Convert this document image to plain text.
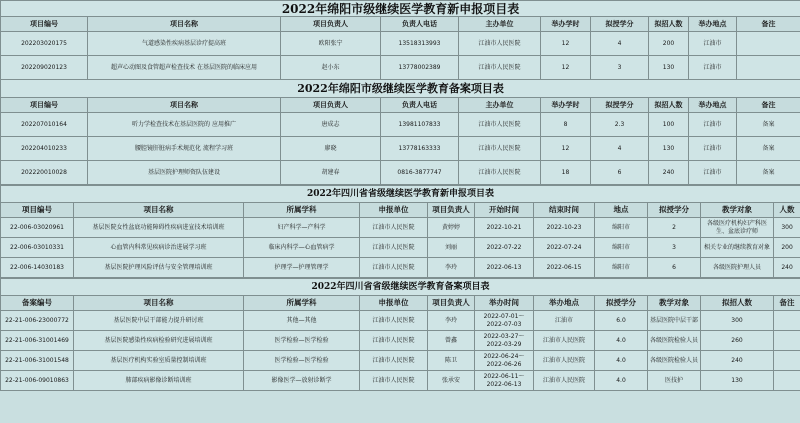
2022年绵阳市级继续医学教育新申报项目表									
项目编号	项目名称	项目负责人	负责人电话	主办单位	举办学时	拟授学分	拟招人数	举办地点	备注
202203020175	气道感染性疾病基层诊疗提高班	欧阳张宁	13518313993	江油市人民医院	12	4	200	江油市	
202209020123	超声心动图及食管超声检查技术 在基层医院的临床应用	赵小东	13778002389	江油市人民医院	12	3	130	江油市	
2022年绵阳市级继续医学教育备案项目表									
项目编号	项目名称	项目负责人	负责人电话	主办单位	举办学时	拟授学分	拟招人数	举办地点	备注
202207010164	听力学检查技术在基层医院的 应用推广	唐成志	13981107833	江油市人民医院	8	2.3	100	江油市	备案
202204010233	腰腔镜肝脏病手术规范化 流程学习班	廖晓	13778163333	江油市人民医院	12	4	130	江油市	备案
202220010028	基层医院护理师资队伍建设	胡建春	0816-3877747	江油市人民医院	18	6	240	江油市	备案
2022年四川省省级继续医学教育新申报项目表										
项目编号	项目名称	所属学科	申报单位	项目负责人	开始时间	结束时间	地点	拟授学分	教学对象	人数
22-006-03020961	基层医院女性盆底功能障碍性疾病进宣技术培训班	妇产科学—产科学	江油市人民医院	黄婷婷	2022-10-21	2022-10-23	绵阳市	2	各级医疗机构妇产科医生、盆底诊疗师	300
22-006-03010331	心血管内科常见疾病诊治进展学习班	临床内科学—心血管病学	江油市人民医院	刘丽	2022-07-22	2022-07-24	绵阳市	3	相关专业的继续教育对象	200
22-006-14030183	基层医院护理风险评估与安全管理培训班	护理学—护理管理学	江油市人民医院	李玲	2022-06-13	2022-06-15	绵阳市	6	各级医院护理人员	240
2022年四川省省级继续医学教育备案项目表										
备案编号	项目名称	所属学科	申报单位	项目负责人	举办时间	举办地点	拟授学分	教学对象	拟招人数	备注
22-21-006-23000772	基层医院中层干部能力提升研讨班	其他—其他	江油市人民医院	李玲	2022-07-01～2022-07-03	江油市	6.0	基层医院中层干部	300	
22-21-006-31001469	基层医院感染性疾病检验研究进展培训班	医学检验—医学检验	江油市人民医院	曾鑫	2022-03-27～2022-03-29	江油市人民医院	4.0	各级医院检验人员	260	
22-21-006-31001548	基层医疗机构实验室质量控制培训班	医学检验—医学检验	江油市人民医院	陈卫	2022-06-24～2022-06-26	江油市人民医院	4.0	各级医院检验人员	240	
22-21-006-09010863	肺部疾病影像诊断培训班	影像医学—放射诊断学	江油市人民医院	张承安	2022-06-11～2022-06-13	江油市人民医院	4.0	医技护	130	
